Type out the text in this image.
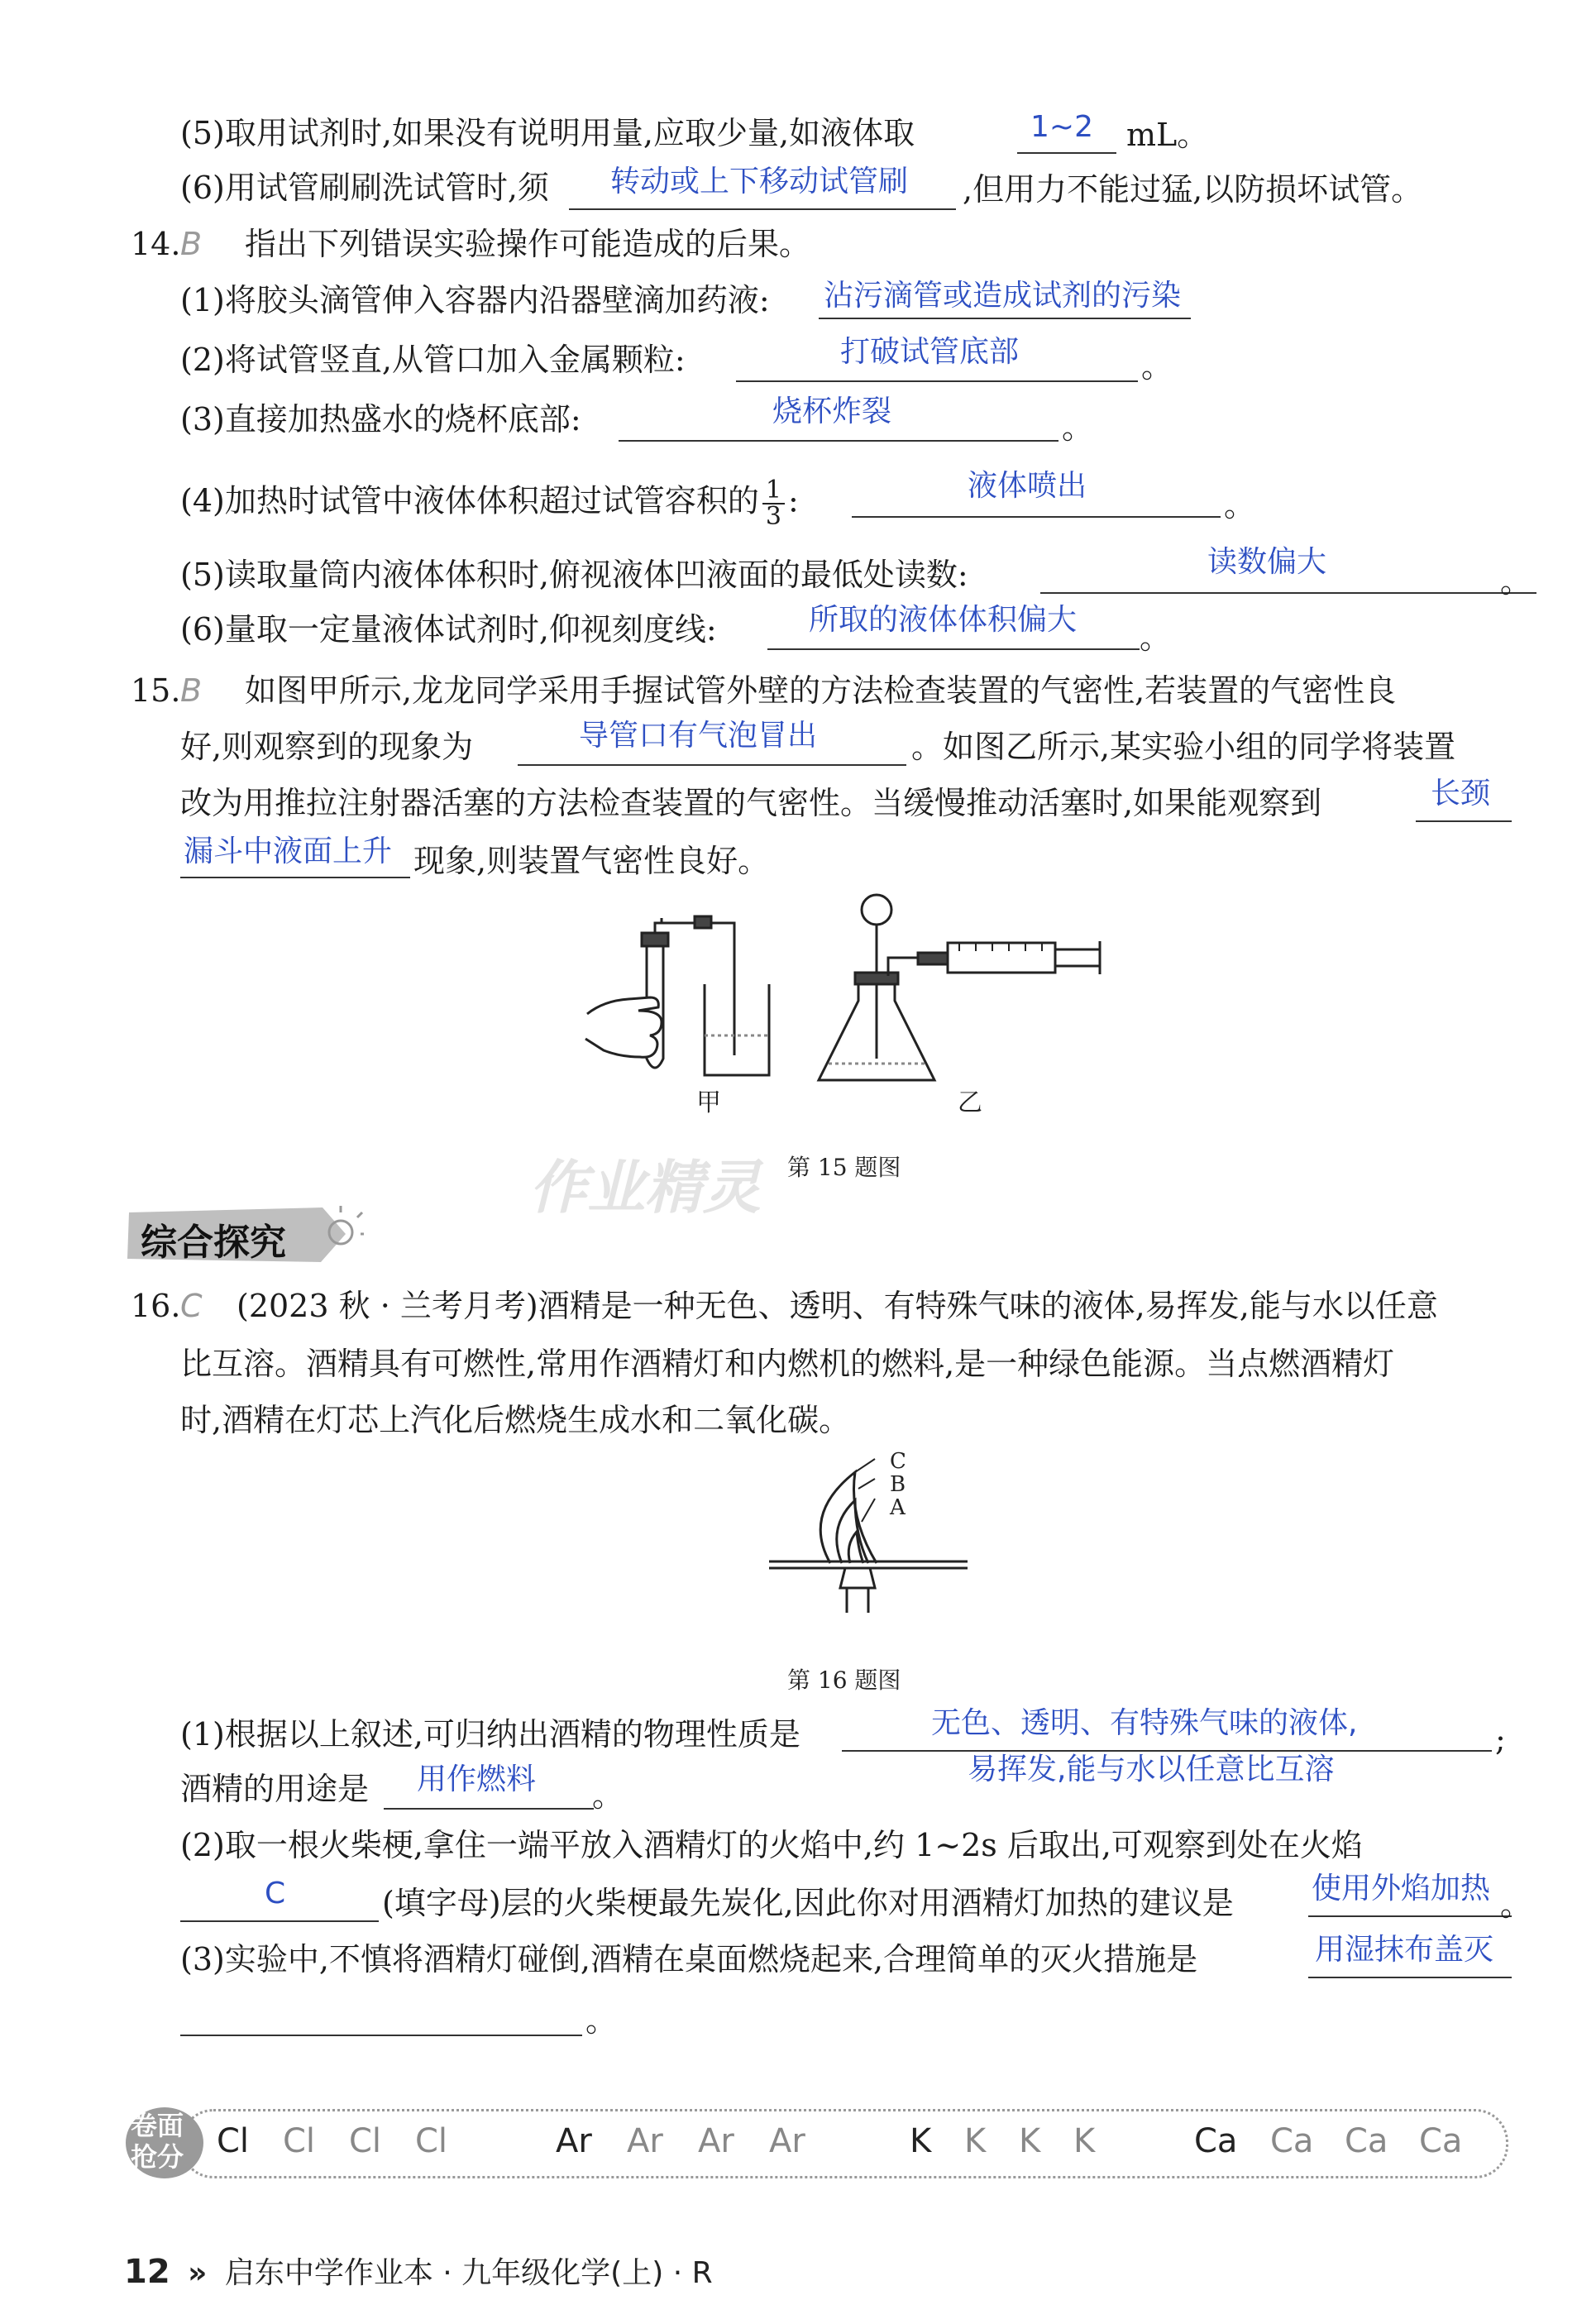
(5)取用试剂时,如果没有说明用量,应取少量,如液体取	1~2 mL。
(6)用试管刷刷洗试管时,须 转动或上下移动试管刷 ,但用力不能过猛,以防损坏试管。
14. B 指出下列错误实验操作可能造成的后果。
(1)将胶头滴管伸入容器内沿器壁滴加药液: 沾污滴管或造成试剂的污染
(2)将试管竖直,从管口加入金属颗粒:	打破试管底部	。
(3)直接加热盛水的烧杯底部:	烧杯炸裂	。
(4)加热时试管中液体体积超过试管容积的 $\frac{1}{3}$ :	液体喷出
。
(5)读取量筒内液体体积时,俯视液体凹液面的最低处读数:	读数偏大
。
(6)量取一定量液体试剂时,仰视刻度线:	所取的液体体积偏大 。
15. B 如图甲所示,龙龙同学采用手握试管外壁的方法检查装置的气密性,若装置的气密性良
好,则观察到的现象为	导管口有气泡冒出	。如图乙所示,某实验小组的同学将装置
改为用推拉注射器活塞的方法检查装置的气密性。当缓慢推动活塞时,如果能观察到	长颈
漏斗中液面上升 现象,则装置气密性良好。
甲	乙
第 15 题图
作业精灵
综合探究
16. C (2023 秋 · 兰考月考)酒精是一种无色、透明、有特殊气味的液体,易挥发,能与水以任意
比互溶。酒精具有可燃性,常用作酒精灯和内燃机的燃料,是一种绿色能源。当点燃酒精灯
时,酒精在灯芯上汽化后燃烧生成水和二氧化碳。
C
B
A
第 16 题图
(1)根据以上叙述,可归纳出酒精的物理性质是	无色、透明、有特殊气味的液体,	;
易挥发,能与水以任意比互溶
酒精的用途是 用作燃料 。
(2)取一根火柴梗,拿住一端平放入酒精灯的火焰中,约 1~2s 后取出,可观察到处在火焰
C	(填字母)层的火柴梗最先炭化,因此你对用酒精灯加热的建议是	使用外焰加热 。
(3)实验中,不慎将酒精灯碰倒,酒精在桌面燃烧起来,合理简单的灭火措施是	用湿抹布盖灭
。
卷面
抢分 Cl Cl Cl Cl	Ar Ar Ar Ar	K K K K	Ca Ca Ca Ca
12 » 启东中学作业本 · 九年级化学(上) · R
